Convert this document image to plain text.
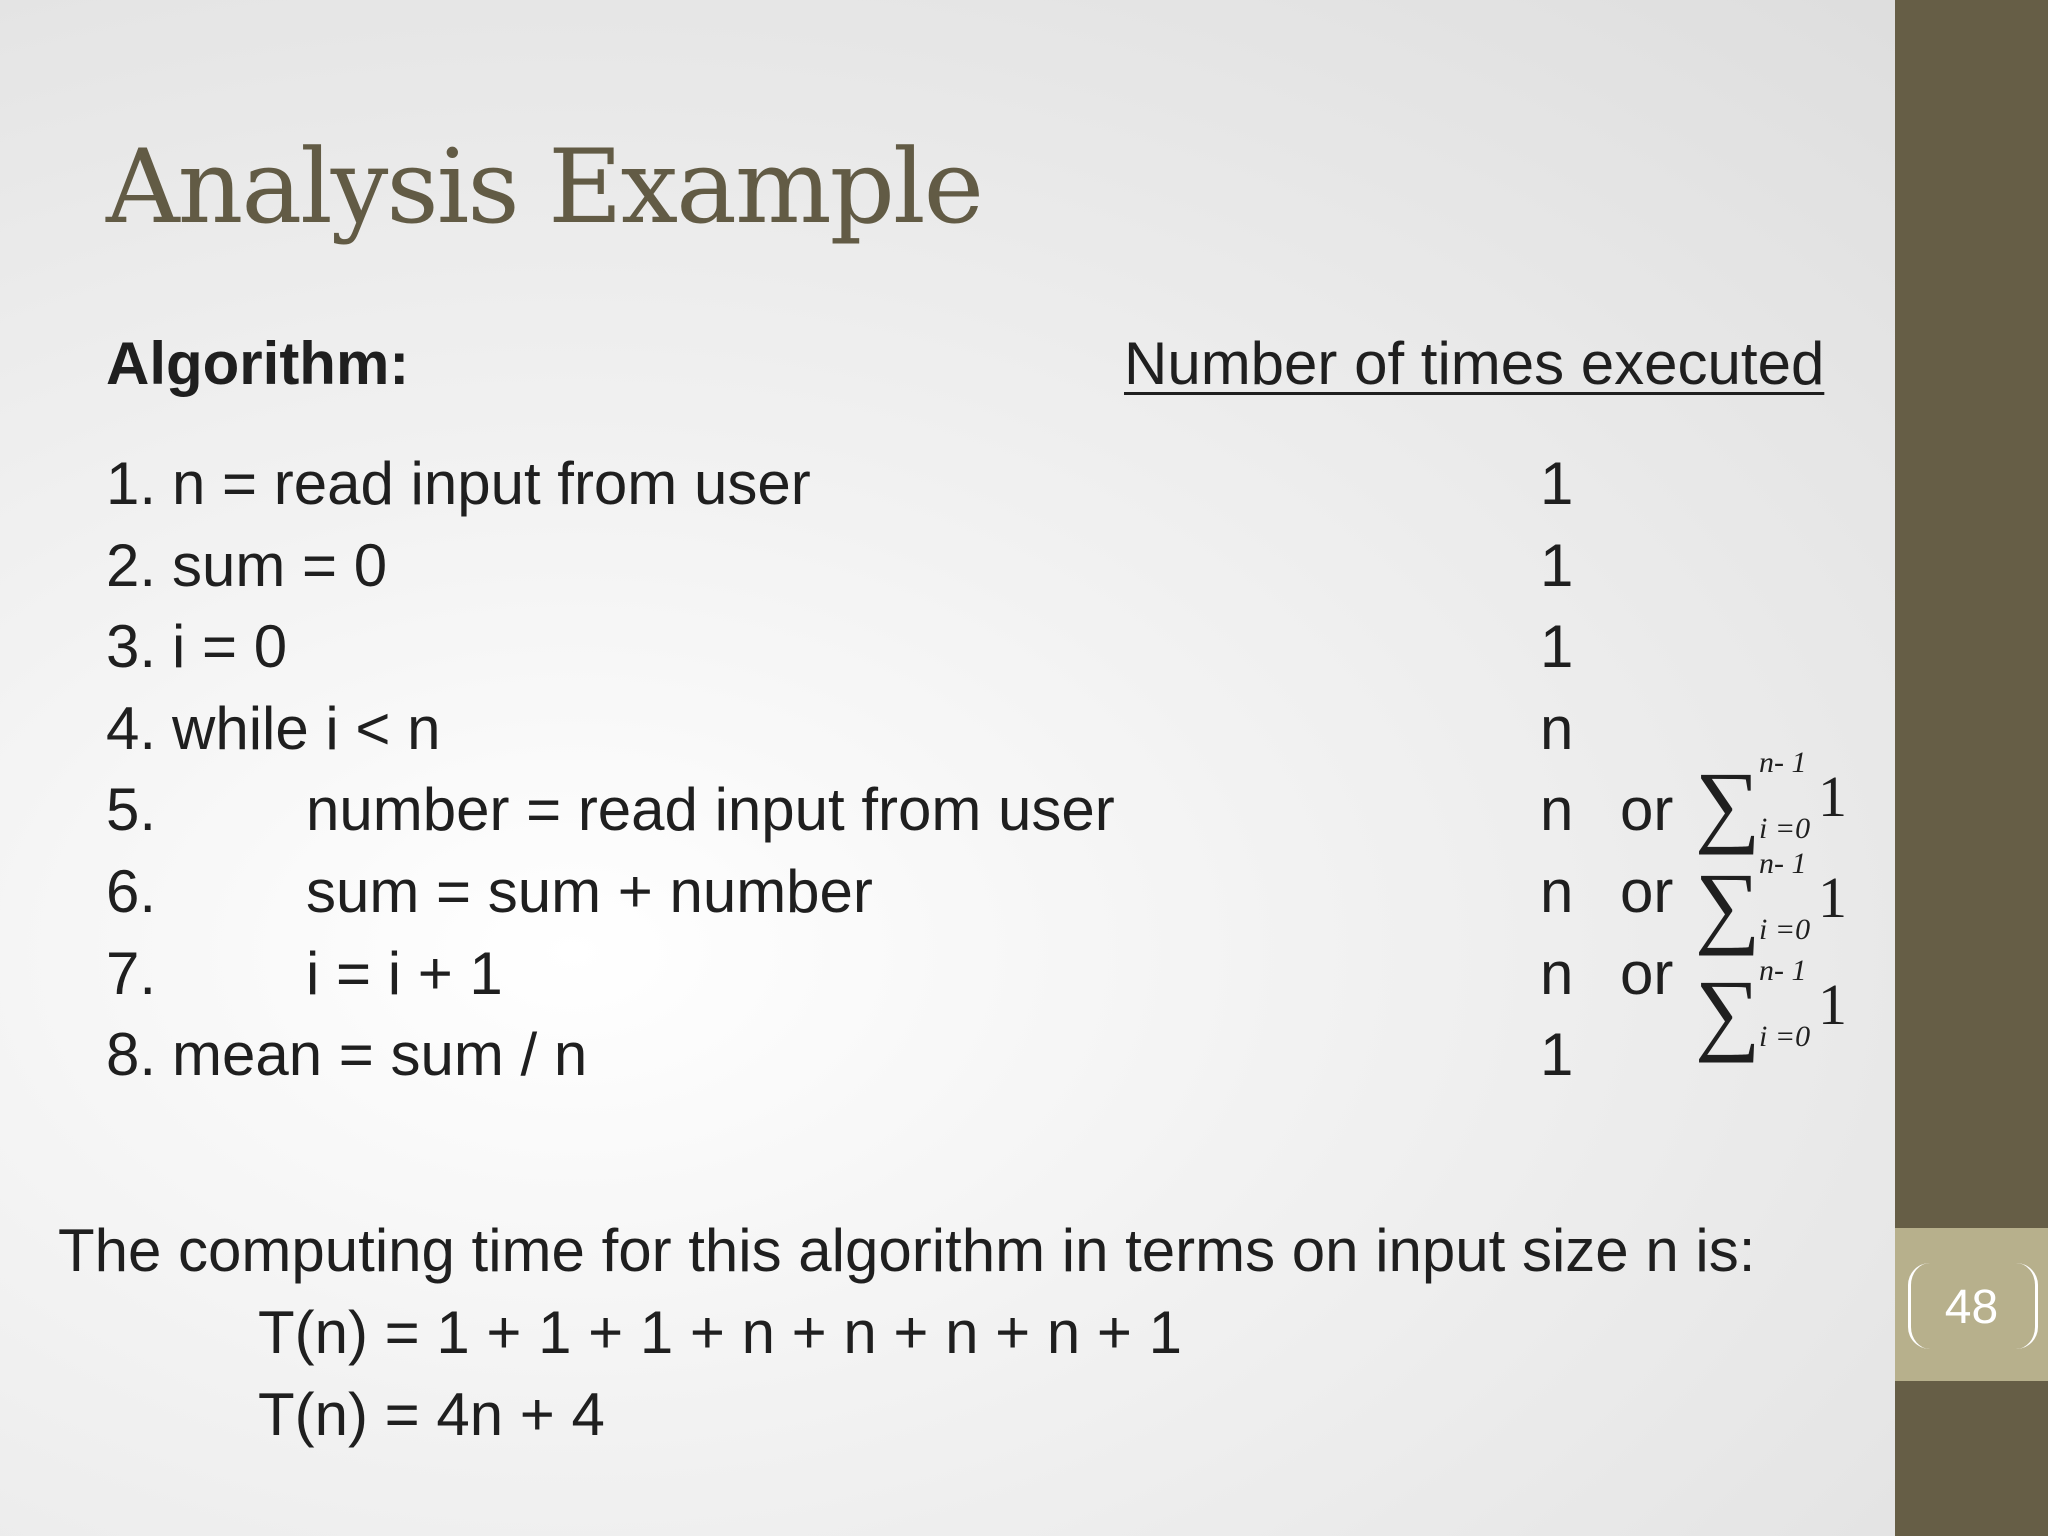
Analysis Example
Algorithm:	Number of times executed
1. n = read input from user
2. sum = 0
3. i = 0
4. while i < n
5. number = read input from user
6. sum = sum + number
7. i = i + 1
8. mean = sum / n
1
1
1
n
n
n
n
1
or
or
or
∑
n- 1
i =0 1
∑
n- 1
i =0 1
∑
n- 1
i =0 1
The computing time for this algorithm in terms on input size n is:
T(n) = 1 + 1 + 1 + n + n + n + n + 1
T(n) = 4n + 4
48
